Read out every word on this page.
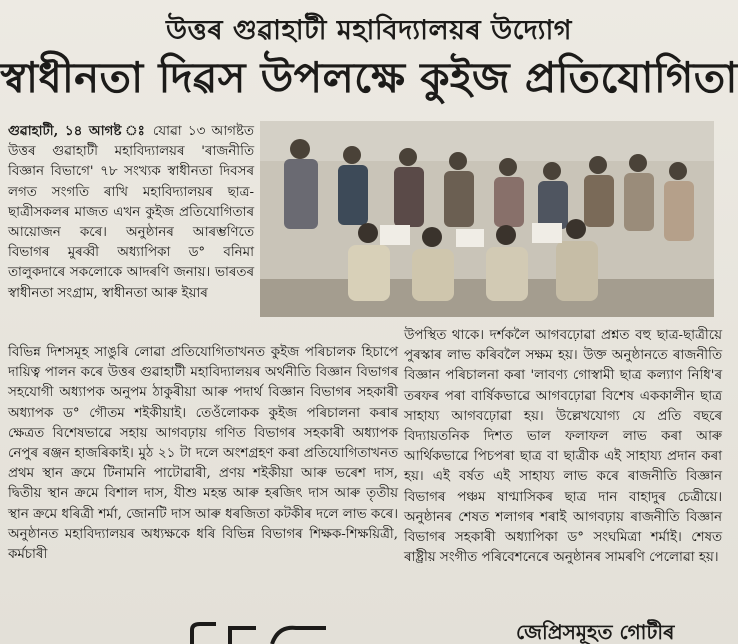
উত্তৰ গুৱাহাটী মহাবিদ্যালয়ৰ উদ্যোগ
স্বাধীনতা দিৱস উপলক্ষে কুইজ প্ৰতিযোগিতা

গুৱাহাটী, ১৪ আগষ্ট ঃ যোৱা ১৩ আগষ্টত উত্তৰ গুৱাহাটী মহাবিদ্যালয়ৰ 'ৰাজনীতি বিজ্ঞান বিভাগে' ৭৮ সংখ্যক স্বাধীনতা দিবসৰ লগত সংগতি ৰাখি মহাবিদ্যালয়ৰ ছাত্ৰ-ছাত্ৰীসকলৰ মাজত এখন কুইজ প্ৰতিযোগিতাৰ আয়োজন কৰে। অনুষ্ঠানৰ আৰম্ভণিতে বিভাগৰ মুৰব্বী অধ্যাপিকা ড° বনিমা তালুকদাৰে সকলোকে আদৰণি জনায়। ভাৰতৰ স্বাধীনতা সংগ্ৰাম, স্বাধীনতা আৰু ইয়াৰ

বিভিন্ন দিশসমূহ সাঙুৰি লোৱা প্ৰতিযোগিতাখনত কুইজ পৰিচালক হিচাপে দায়িত্ব পালন কৰে উত্তৰ গুৱাহাটী মহাবিদ্যালয়ৰ অৰ্থনীতি বিজ্ঞান বিভাগৰ সহযোগী অধ্যাপক অনুপম ঠাকুৰীয়া আৰু পদাৰ্থ বিজ্ঞান বিভাগৰ সহকাৰী অধ্যাপক ড° গৌতম শইকীয়াই। তেওঁলোকক কুইজ পৰিচালনা কৰাৰ ক্ষেত্ৰত বিশেষভাৱে সহায় আগবঢ়ায় গণিত বিভাগৰ সহকাৰী অধ্যাপক নেপুৰ ৰঞ্জন হাজৰিকাই। মুঠ ২১ টা দলে অংশগ্ৰহণ কৰা প্ৰতিযোগিতাখনত প্ৰথম স্থান ক্ৰমে টিনামনি পাটোৱাৰী, প্ৰণয় শইকীয়া আৰু ভৰেশ দাস, দ্বিতীয় স্থান ক্ৰমে বিশাল দাস, যীশু মহন্ত আৰু হৰজিৎ দাস আৰু তৃতীয় স্থান ক্ৰমে ধৰিত্ৰী শৰ্মা, জোনটি দাস আৰু ধৰজিতা কটকীৰ দলে লাভ কৰে। অনুষ্ঠানত মহাবিদ্যালয়ৰ অধ্যক্ষকে ধৰি বিভিন্ন বিভাগৰ শিক্ষক-শিক্ষয়িত্ৰী, কৰ্মচাৰী
উপস্থিত থাকে। দৰ্শকলৈ আগবঢ়োৱা প্ৰশ্নত বহু ছাত্ৰ-ছাত্ৰীয়ে পুৰস্কাৰ লাভ কৰিবলৈ সক্ষম হয়। উক্ত অনুষ্ঠানতে ৰাজনীতি বিজ্ঞান পৰিচালনা কৰা 'লাবণ্য গোস্বামী ছাত্ৰ কল্যাণ নিধি'ৰ তৰফৰ পৰা বাৰ্ষিকভাৱে আগবঢ়োৱা বিশেষ এককালীন ছাত্ৰ সাহায্য আগবঢ়োৱা হয়। উল্লেখযোগ্য যে প্ৰতি বছৰে বিদ্যায়তনিক দিশত ভাল ফলাফল লাভ কৰা আৰু আৰ্থিকভাৱে পিচপৰা ছাত্ৰ বা ছাত্ৰীক এই সাহায্য প্ৰদান কৰা হয়। এই বৰ্ষত এই সাহায্য লাভ কৰে ৰাজনীতি বিজ্ঞান বিভাগৰ পঞ্চম ষাণ্মাসিকৰ ছাত্ৰ দান বাহাদুৰ চেত্ৰীয়ে। অনুষ্ঠানৰ শেষত শলাগৰ শৰাই আগবঢ়ায় ৰাজনীতি বিজ্ঞান বিভাগৰ সহকাৰী অধ্যাপিকা ড° সংঘমিত্ৰা শৰ্মাই। শেষত ৰাষ্ট্ৰীয় সংগীত পৰিবেশনেৰে অনুষ্ঠানৰ সামৰণি পেলোৱা হয়।
জেপ্ৰিসমূহত গোটীৰ
